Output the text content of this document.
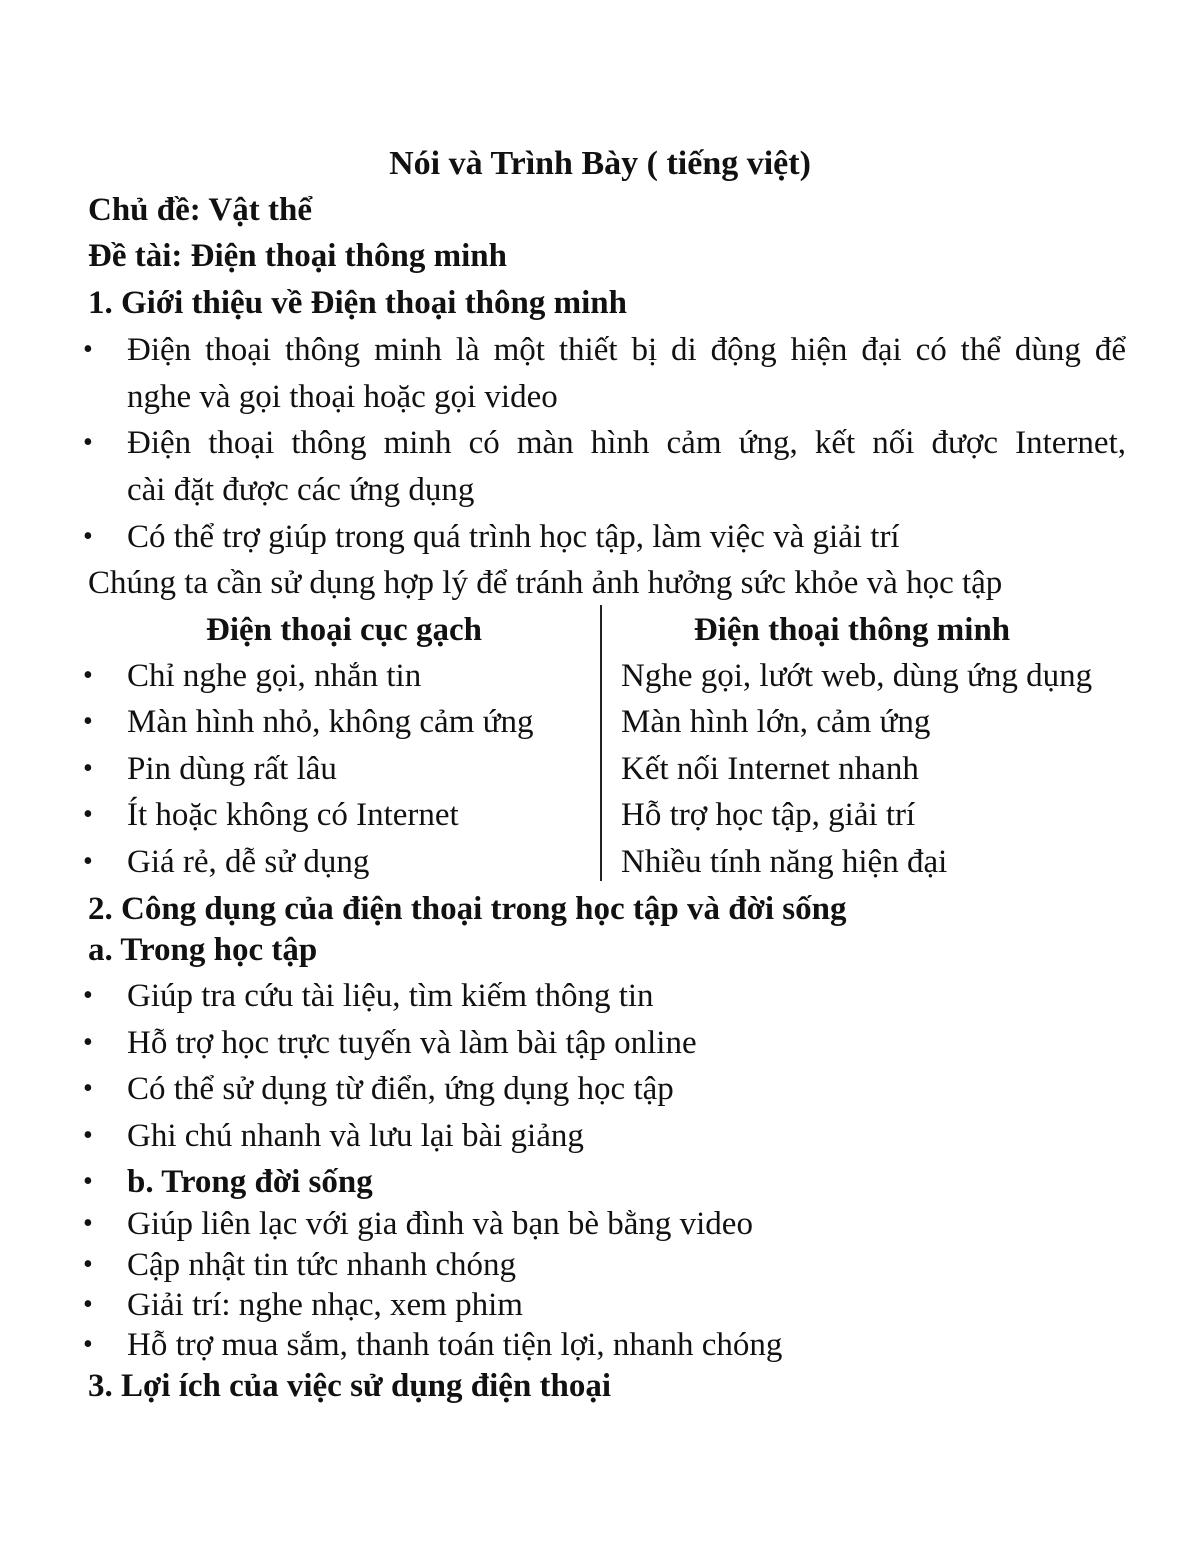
Nói và Trình Bày ( tiếng việt)
Chủ đề: Vật thể
Đề tài: Điện thoại thông minh
1. Giới thiệu về Điện thoại thông minh
• Điện thoại thông minh là một thiết bị di động hiện đại có thể dùng để
nghe và gọi thoại hoặc gọi video
• Điện thoại thông minh có màn hình cảm ứng, kết nối được Internet,
cài đặt được các ứng dụng
• Có thể trợ giúp trong quá trình học tập, làm việc và giải trí
Chúng ta cần sử dụng hợp lý để tránh ảnh hưởng sức khỏe và học tập
Điện thoại cục gạch	Điện thoại thông minh
• Chỉ nghe gọi, nhắn tin	Nghe gọi, lướt web, dùng ứng dụng
• Màn hình nhỏ, không cảm ứng	Màn hình lớn, cảm ứng
• Pin dùng rất lâu	Kết nối Internet nhanh
• Ít hoặc không có Internet	Hỗ trợ học tập, giải trí
• Giá rẻ, dễ sử dụng	Nhiều tính năng hiện đại
2. Công dụng của điện thoại trong học tập và đời sống
a. Trong học tập
• Giúp tra cứu tài liệu, tìm kiếm thông tin
• Hỗ trợ học trực tuyến và làm bài tập online
• Có thể sử dụng từ điển, ứng dụng học tập
• Ghi chú nhanh và lưu lại bài giảng
• b. Trong đời sống
• Giúp liên lạc với gia đình và bạn bè bằng video
• Cập nhật tin tức nhanh chóng
• Giải trí: nghe nhạc, xem phim
• Hỗ trợ mua sắm, thanh toán tiện lợi, nhanh chóng
3. Lợi ích của việc sử dụng điện thoại
